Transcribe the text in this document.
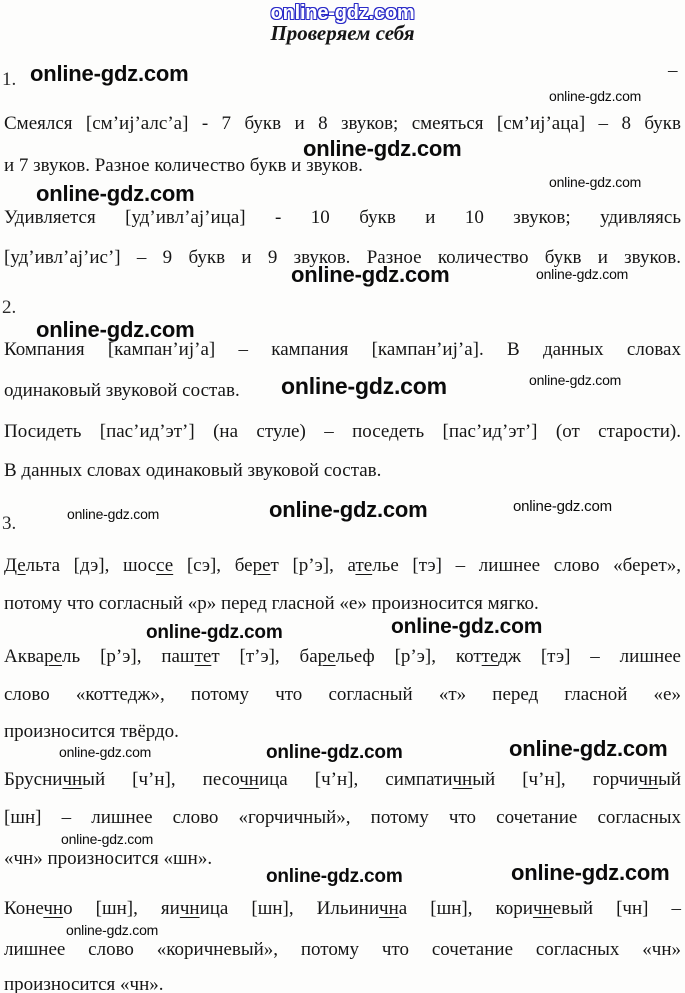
online-gdz.com
Проверяем себя
1. online-gdz.com	–
online-gdz.com
Смеялся [см’иј’алс’а] - 7 букв и 8 звуков; смеяться [см’иј’аца] – 8 букв
online-gdz.com
и 7 звуков. Разное количество букв и звуков.
online-gdz.com
online-gdz.com
Удивляется [уд’ивл’ај’ица] - 10 букв и 10 звуков; удивляясь
[уд’ивл’ај’ис’] – 9 букв и 9 звуков. Разное количество букв и звуков.
online-gdz.com	online-gdz.com
2.
online-gdz.com
Компания [кампан’иј’а] – кампания [кампан’иј’а]. В данных словах
одинаковый звуковой состав.	online-gdz.com	online-gdz.com
Посидеть [пас’ид’эт’] (на стуле) – поседеть [пас’ид’эт’] (от старости).
В данных словах одинаковый звуковой состав.
3.	online-gdz.com	online-gdz.com	online-gdz.com
Дельта [дэ], шоссе [сэ], берет [р’э], ателье [тэ] – лишнее слово «берет»,
потому что согласный «р» перед гласной «е» произносится мягко.
online-gdz.com	online-gdz.com
Акварель [р’э], паштет [т’э], барельеф [р’э], коттедж [тэ] – лишнее
слово «коттедж», потому что согласный «т» перед гласной «е»
произносится твёрдо.
online-gdz.com	online-gdz.com	online-gdz.com
Брусничный [ч’н], песочница [ч’н], симпатичный [ч’н], горчичный
[шн] – лишнее слово «горчичный», потому что сочетание согласных
online-gdz.com
«чн» произносится «шн».
online-gdz.com	online-gdz.com
Конечно [шн], яичница [шн], Ильинична [шн], коричневый [чн] –
online-gdz.com
лишнее слово «коричневый», потому что сочетание согласных «чн»
произносится «чн».
